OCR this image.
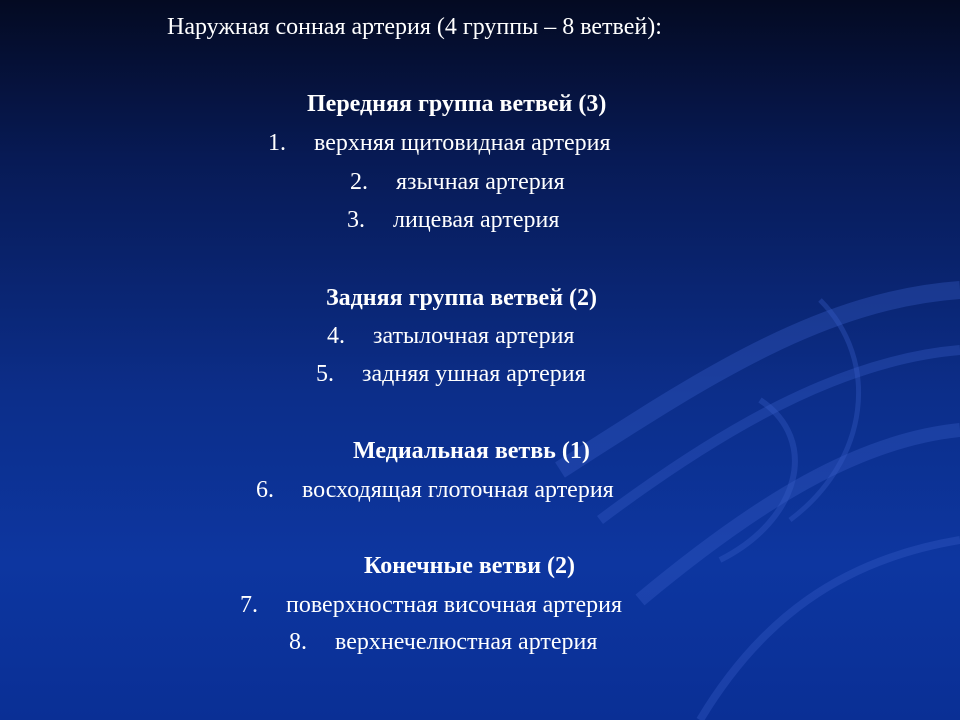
Наружная сонная артерия (4 группы – 8 ветвей):
Передняя группа ветвей (3)
1. верхняя щитовидная артерия
2. язычная артерия
3. лицевая артерия
Задняя группа ветвей (2)
4. затылочная артерия
5. задняя ушная артерия
Медиальная ветвь (1)
6. восходящая глоточная артерия
Конечные ветви (2)
7. поверхностная височная артерия
8. верхнечелюстная артерия
